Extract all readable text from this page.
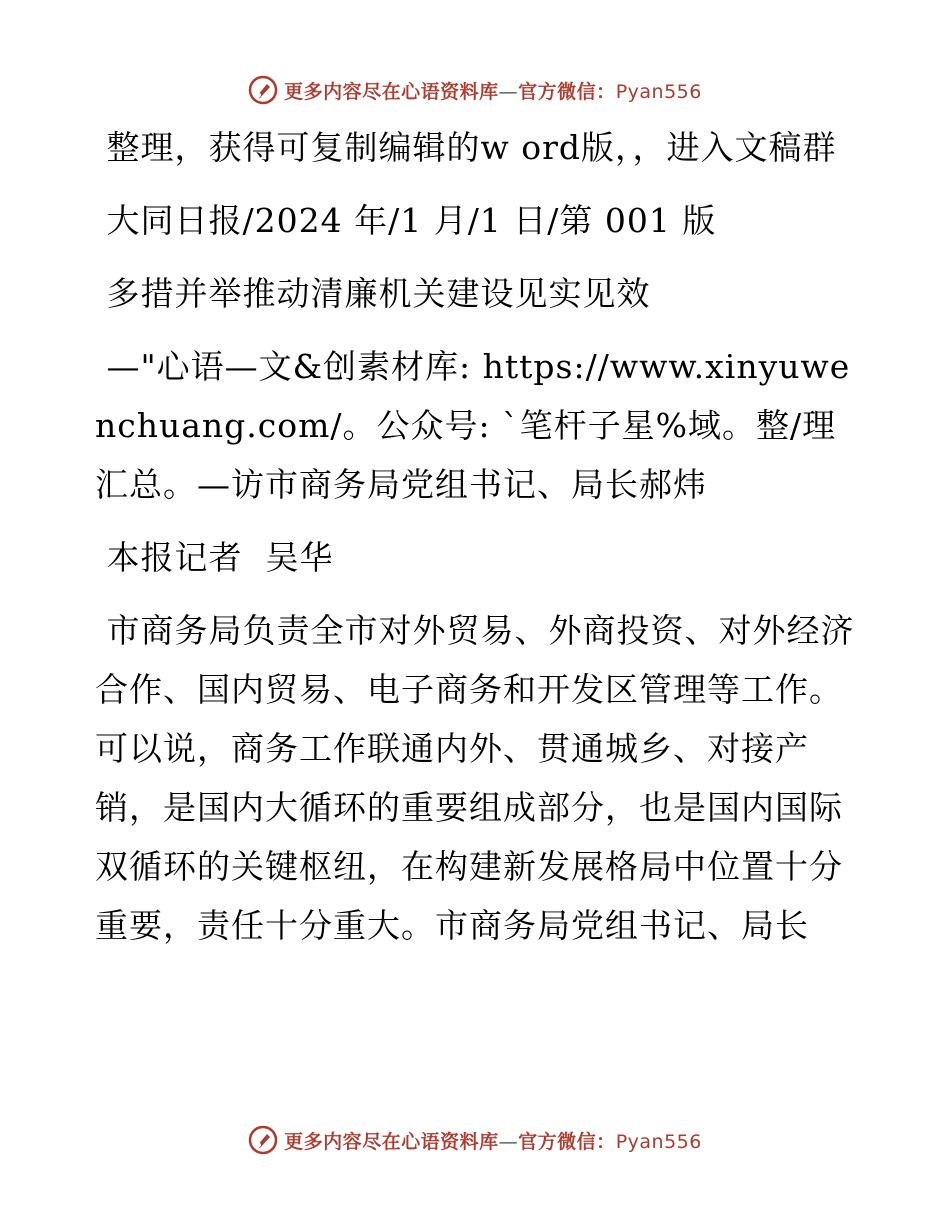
更多内容尽在心语资料库—官方微信：Pyan556

整理，获得可复制编辑的w ord版，，进入文稿群

大同日报/2024 年/1 月/1 日/第 001 版

多措并举推动清廉机关建设见实见效

—"心语—文&创素材库: https://www.xinyuwenchuang.com/。公众号: `笔杆子星%域。整/理汇总。—访市商务局党组书记、局长郝炜

本报记者  吴华

市商务局负责全市对外贸易、外商投资、对外经济合作、国内贸易、电子商务和开发区管理等工作。可以说，商务工作联通内外、贯通城乡、对接产销，是国内大循环的重要组成部分，也是国内国际双循环的关键枢纽，在构建新发展格局中位置十分重要，责任十分重大。市商务局党组书记、局长

更多内容尽在心语资料库—官方微信：Pyan556
